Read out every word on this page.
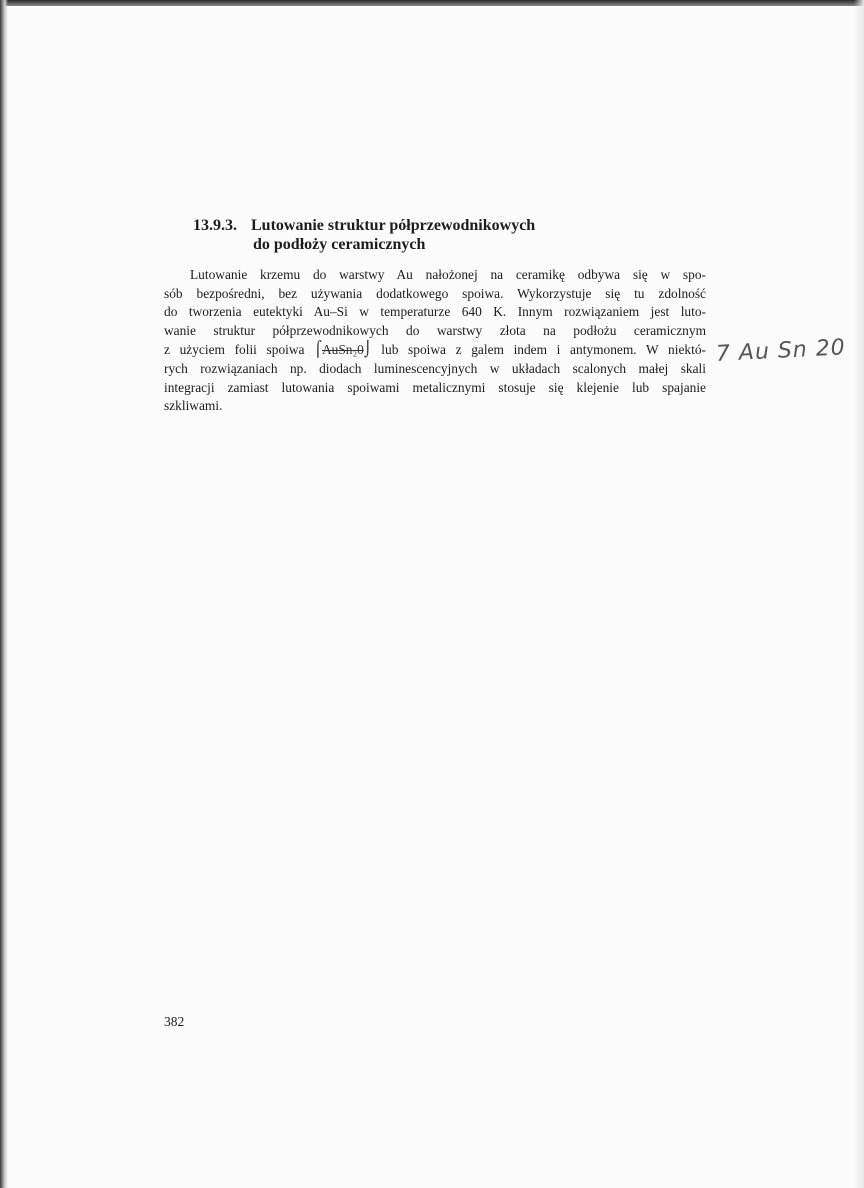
13.9.3. Lutowanie struktur półprzewodnikowych
do podłoży ceramicznych
Lutowanie krzemu do warstwy Au nałożonej na ceramikę odbywa się w spo-
sób bezpośredni, bez używania dodatkowego spoiwa. Wykorzystuje się tu zdolność
do tworzenia eutektyki Au–Si w temperaturze 640 K. Innym rozwiązaniem jest luto-
wanie struktur półprzewodnikowych do warstwy złota na podłożu ceramicznym
z użyciem folii spoiwa ⌠AuSn₂0⌡ lub spoiwa z galem indem i antymonem. W niektó-
rych rozwiązaniach np. diodach luminescencyjnych w układach scalonych małej skali
integracji zamiast lutowania spoiwami metalicznymi stosuje się klejenie lub spajanie
szkliwami.

7 Au Sn 20

382
